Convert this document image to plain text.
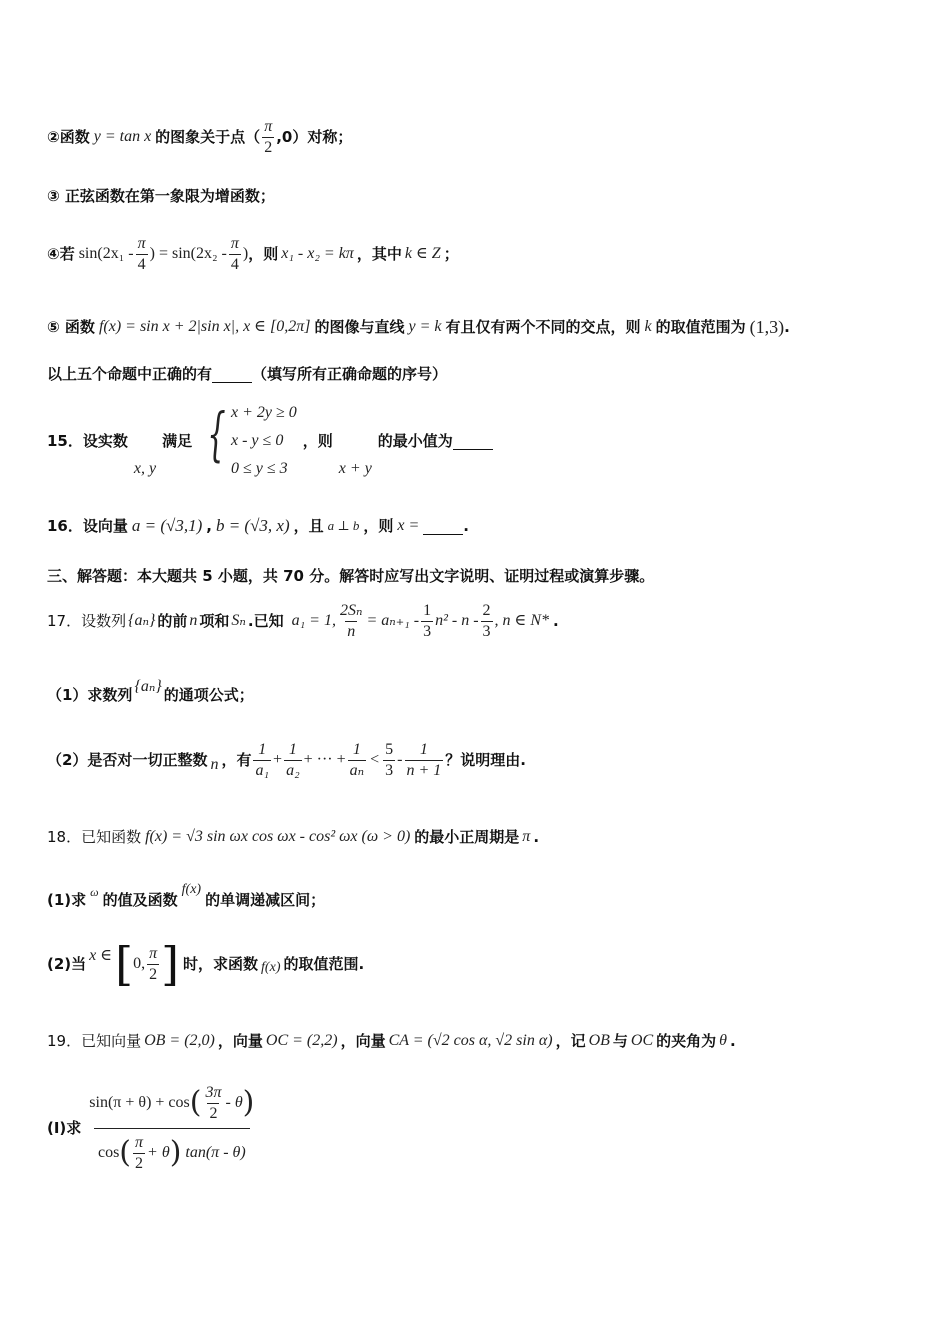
② 函数 y = tan x 的图象关于点（ $\frac{\pi}{2} ,0$）对称；
③ 正弦函数在第一象限为增函数；
④若 $\sin(2x_1 - \frac{\pi}{4}$ ) = $\sin(2x_2 - \frac{\pi}{4}$ ) ，则 x₁ - x₂ = kπ ，其中 k ∈ Z ；
⑤ 函数 f(x) = sin x + 2|sin x|, x ∈ [0,2π] 的图像与直线 y = k 有且仅有两个不同的交点，则 k 的取值范围为 (1,3) .
以上五个命题中正确的有	（填写所有正确命题的序号）
15．设实数
x, y
满足 { x + 2y ≥ 0
x - y ≤ 0
0 ≤ y ≤ 3
，则
x + y
的最小值为
16．设向量 a = (√3,1) , b = (√3, x) ，且 a ⊥ b ，则 x =	.
三、解答题：本大题共 5 小题，共 70 分。解答时应写出文字说明、证明过程或演算步骤。
17．设数列 {aₙ} 的前 n 项和 Sₙ .已知 a₁ = 1, $\frac{\text{2Sₙ}}{n} = a_{n+1} - \frac{1}{3} n^2 - n - \frac{2}{3}$ , n ∈ N* .
（1）求数列 {aₙ} 的通项公式；
（2）是否对一切正整数 n ，有 $\frac{1}{\text{a₁}} + \frac{1}{\text{a₂}}$ + ··· + $\frac{1}{\text{aₙ}} < \frac{5}{3} - \frac{1}{n + 1}$ ？说明理由.
18．已知函数 f(x) = √3 sin ωx cos ωx - cos² ωx (ω > 0) 的最小正周期是 π .
(1)求 ω 的值及函数
f(x)
的单调递减区间；
(2)当 x ∈ [ 0, $\frac{\pi}{2}$ ] 时，求函数 f(x) 的取值范围.
19．已知向量 OB = (2,0) ，向量 OC = (2,2) ，向量 CA = (√2 cos α, √2 sin α) ，记 OB 与 OC 的夹角为 θ .
(I)求
sin(π + θ) + cos ( $\frac{3\pi}{2}$ - θ )
cos ( $\frac{\pi}{2} + \theta$ ) tan(π - θ)
